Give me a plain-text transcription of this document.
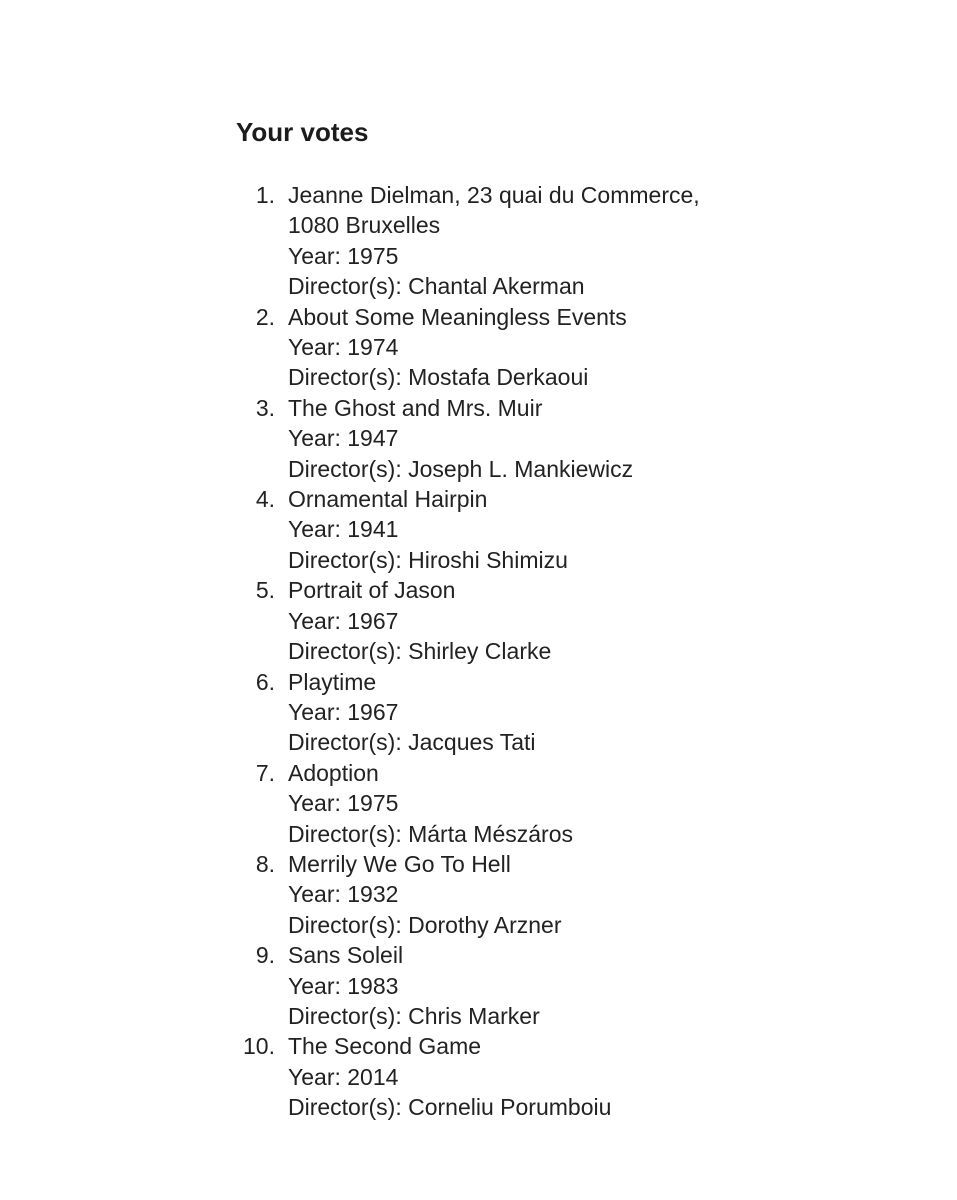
Your votes
1. Jeanne Dielman, 23 quai du Commerce,
1080 Bruxelles
Year: 1975
Director(s): Chantal Akerman
2. About Some Meaningless Events
Year: 1974
Director(s): Mostafa Derkaoui
3. The Ghost and Mrs. Muir
Year: 1947
Director(s): Joseph L. Mankiewicz
4. Ornamental Hairpin
Year: 1941
Director(s): Hiroshi Shimizu
5. Portrait of Jason
Year: 1967
Director(s): Shirley Clarke
6. Playtime
Year: 1967
Director(s): Jacques Tati
7. Adoption
Year: 1975
Director(s): Márta Mészáros
8. Merrily We Go To Hell
Year: 1932
Director(s): Dorothy Arzner
9. Sans Soleil
Year: 1983
Director(s): Chris Marker
10. The Second Game
Year: 2014
Director(s): Corneliu Porumboiu
